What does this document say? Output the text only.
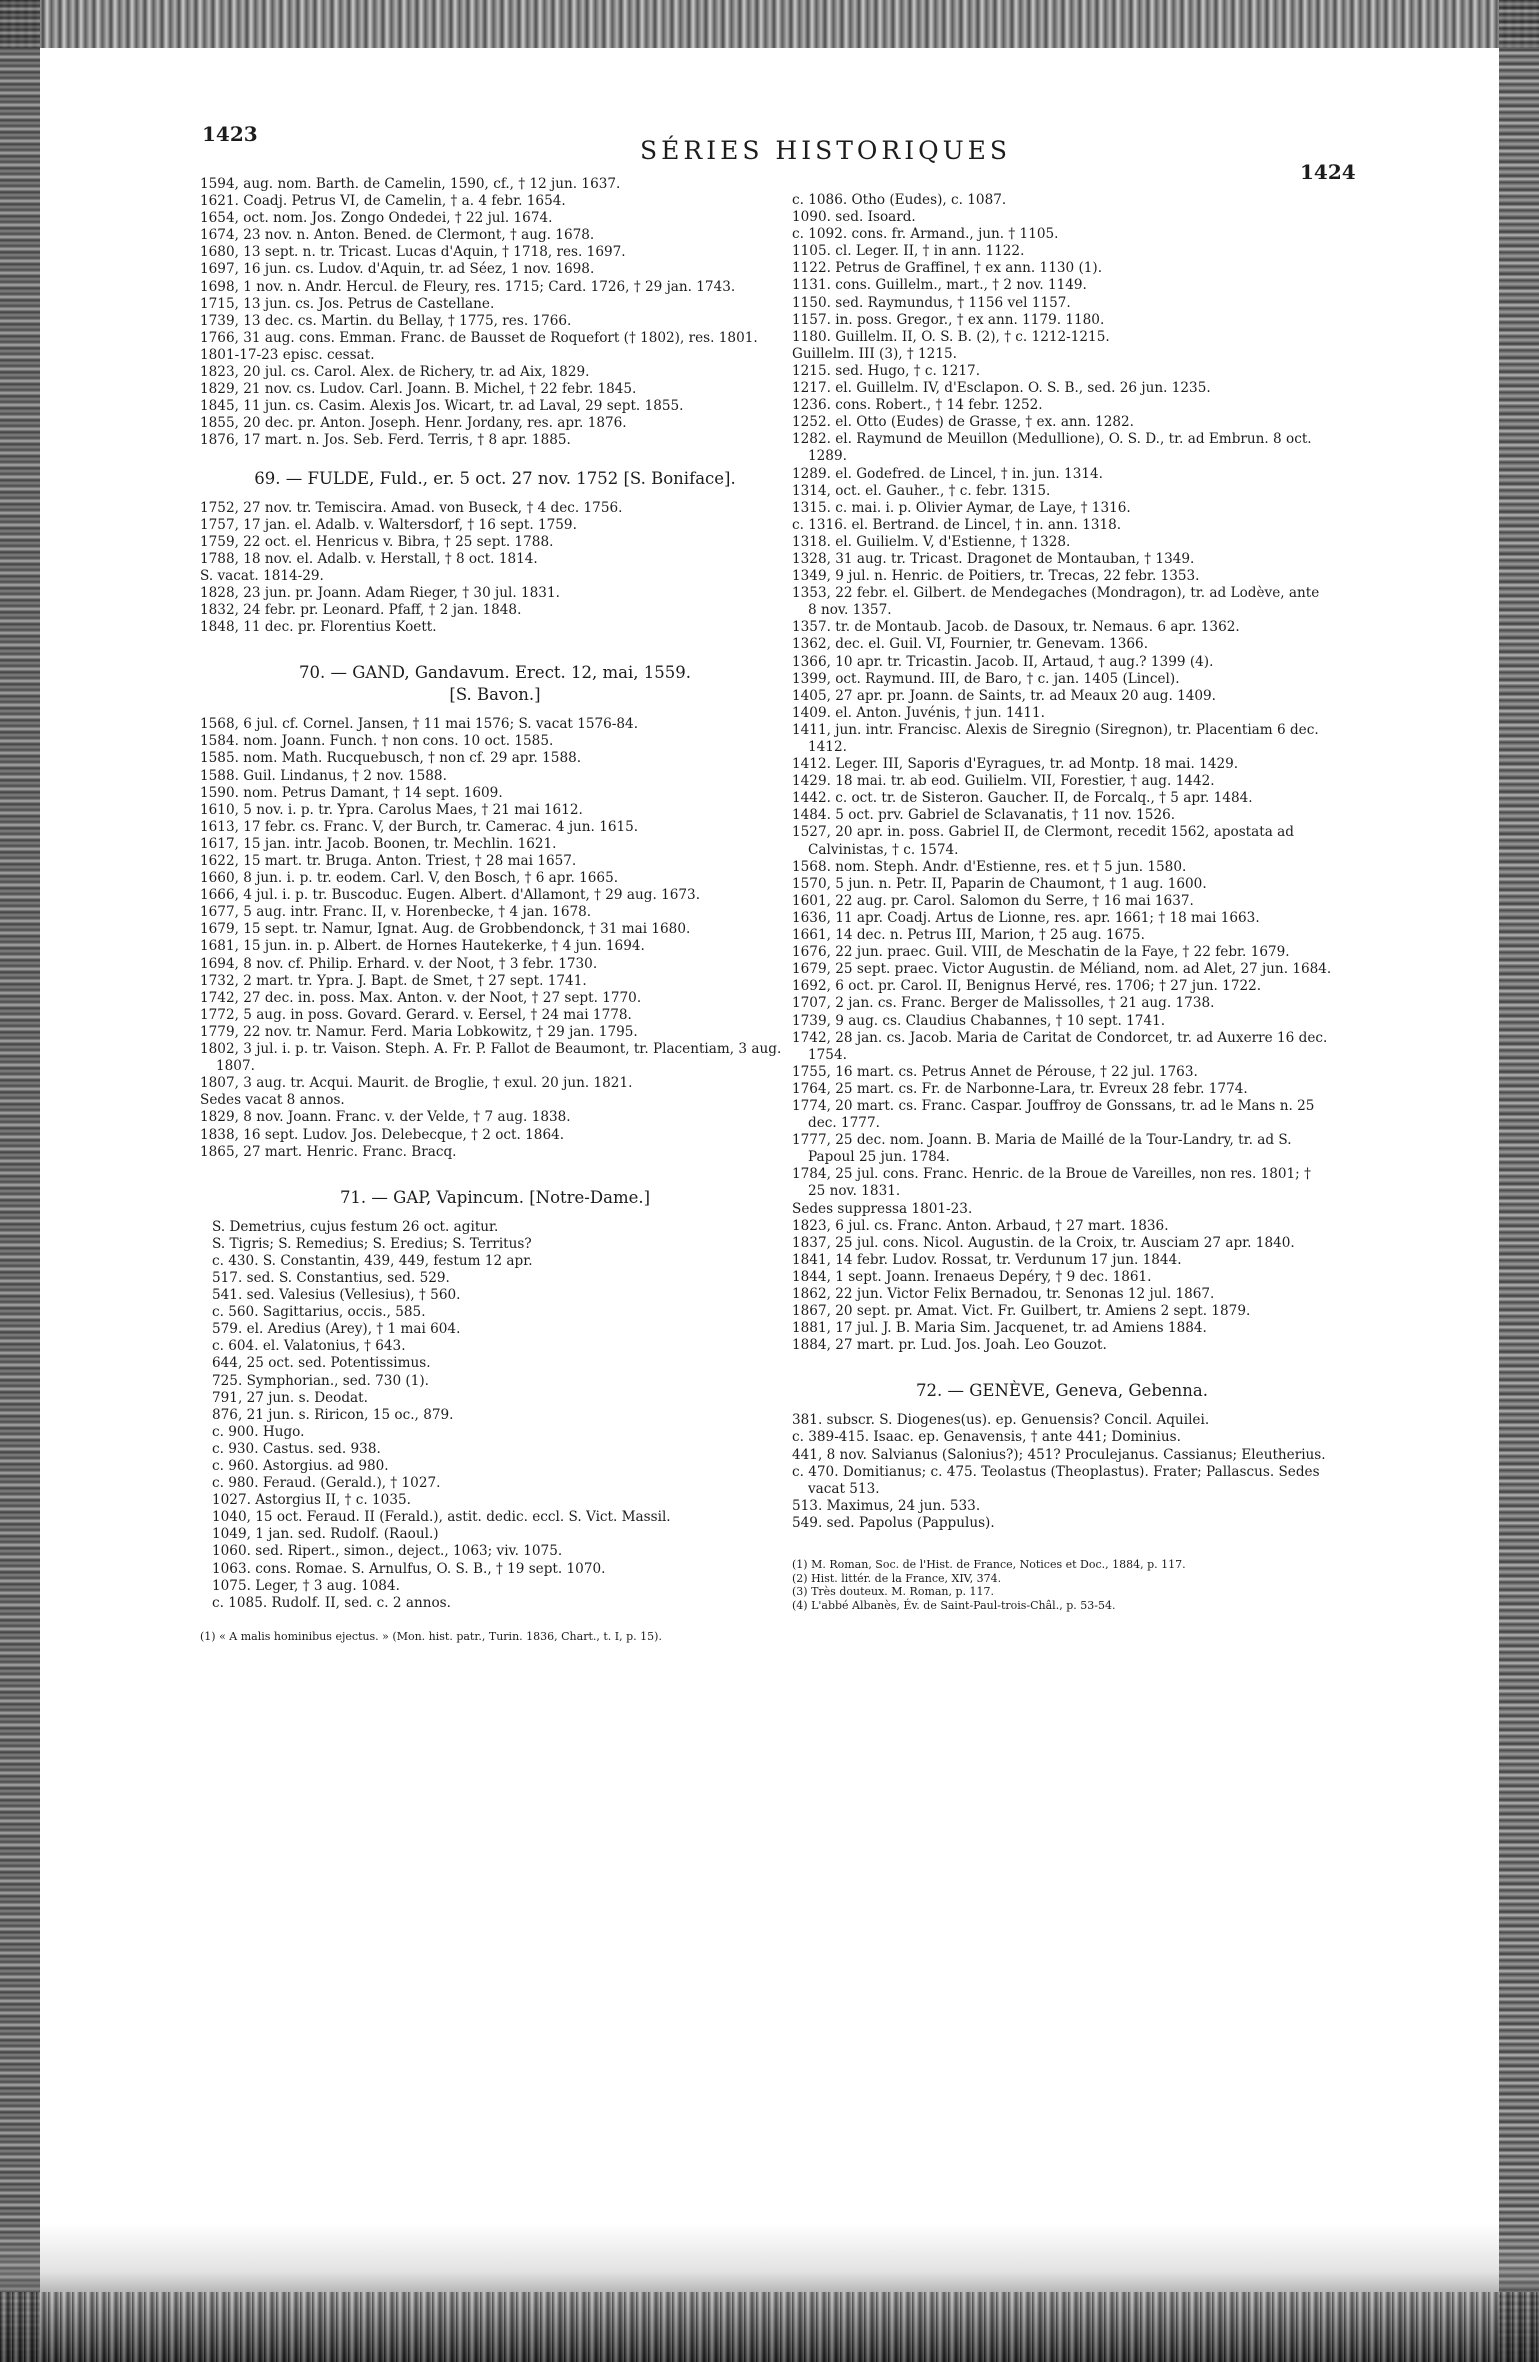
1423
SÉRIES HISTORIQUES
1424

1594, aug. nom. Barth. de Camelin, 1590, cf., † 12 jun. 1637.

1621. Coadj. Petrus VI, de Camelin, † a. 4 febr. 1654.

1654, oct. nom. Jos. Zongo Ondedei, † 22 jul. 1674.

1674, 23 nov. n. Anton. Bened. de Clermont, † aug. 1678.

1680, 13 sept. n. tr. Tricast. Lucas d'Aquin, † 1718, res. 1697.

1697, 16 jun. cs. Ludov. d'Aquin, tr. ad Séez, 1 nov. 1698.

1698, 1 nov. n. Andr. Hercul. de Fleury, res. 1715; Card. 1726, † 29 jan. 1743.

1715, 13 jun. cs. Jos. Petrus de Castellane.

1739, 13 dec. cs. Martin. du Bellay, † 1775, res. 1766.

1766, 31 aug. cons. Emman. Franc. de Bausset de Roquefort († 1802), res. 1801.

1801-17-23 episc. cessat.

1823, 20 jul. cs. Carol. Alex. de Richery, tr. ad Aix, 1829.

1829, 21 nov. cs. Ludov. Carl. Joann. B. Michel, † 22 febr. 1845.

1845, 11 jun. cs. Casim. Alexis Jos. Wicart, tr. ad Laval, 29 sept. 1855.

1855, 20 dec. pr. Anton. Joseph. Henr. Jordany, res. apr. 1876.

1876, 17 mart. n. Jos. Seb. Ferd. Terris, † 8 apr. 1885.

69. — FULDE, Fuld., er. 5 oct. 27 nov. 1752 [S. Boniface].

1752, 27 nov. tr. Temiscira. Amad. von Buseck, † 4 dec. 1756.

1757, 17 jan. el. Adalb. v. Waltersdorf, † 16 sept. 1759.

1759, 22 oct. el. Henricus v. Bibra, † 25 sept. 1788.

1788, 18 nov. el. Adalb. v. Herstall, † 8 oct. 1814.

S. vacat. 1814-29.

1828, 23 jun. pr. Joann. Adam Rieger, † 30 jul. 1831.

1832, 24 febr. pr. Leonard. Pfaff, † 2 jan. 1848.

1848, 11 dec. pr. Florentius Koett.

70. — GAND, Gandavum. Erect. 12, mai, 1559.
[S. Bavon.]

1568, 6 jul. cf. Cornel. Jansen, † 11 mai 1576; S. vacat 1576-84.

1584. nom. Joann. Funch. † non cons. 10 oct. 1585.

1585. nom. Math. Rucquebusch, † non cf. 29 apr. 1588.

1588. Guil. Lindanus, † 2 nov. 1588.

1590. nom. Petrus Damant, † 14 sept. 1609.

1610, 5 nov. i. p. tr. Ypra. Carolus Maes, † 21 mai 1612.

1613, 17 febr. cs. Franc. V, der Burch, tr. Camerac. 4 jun. 1615.

1617, 15 jan. intr. Jacob. Boonen, tr. Mechlin. 1621.

1622, 15 mart. tr. Bruga. Anton. Triest, † 28 mai 1657.

1660, 8 jun. i. p. tr. eodem. Carl. V, den Bosch, † 6 apr. 1665.

1666, 4 jul. i. p. tr. Buscoduc. Eugen. Albert. d'Allamont, † 29 aug. 1673.

1677, 5 aug. intr. Franc. II, v. Horenbecke, † 4 jan. 1678.

1679, 15 sept. tr. Namur, Ignat. Aug. de Grobbendonck, † 31 mai 1680.

1681, 15 jun. in. p. Albert. de Hornes Hautekerke, † 4 jun. 1694.

1694, 8 nov. cf. Philip. Erhard. v. der Noot, † 3 febr. 1730.

1732, 2 mart. tr. Ypra. J. Bapt. de Smet, † 27 sept. 1741.

1742, 27 dec. in. poss. Max. Anton. v. der Noot, † 27 sept. 1770.

1772, 5 aug. in poss. Govard. Gerard. v. Eersel, † 24 mai 1778.

1779, 22 nov. tr. Namur. Ferd. Maria Lobkowitz, † 29 jan. 1795.

1802, 3 jul. i. p. tr. Vaison. Steph. A. Fr. P. Fallot de Beaumont, tr. Placentiam, 3 aug. 1807.

1807, 3 aug. tr. Acqui. Maurit. de Broglie, † exul. 20 jun. 1821.

Sedes vacat 8 annos.

1829, 8 nov. Joann. Franc. v. der Velde, † 7 aug. 1838.

1838, 16 sept. Ludov. Jos. Delebecque, † 2 oct. 1864.

1865, 27 mart. Henric. Franc. Bracq.

71. — GAP, Vapincum. [Notre-Dame.]

S. Demetrius, cujus festum 26 oct. agitur.

S. Tigris; S. Remedius; S. Eredius; S. Territus?

c. 430. S. Constantin, 439, 449, festum 12 apr.

517. sed. S. Constantius, sed. 529.

541. sed. Valesius (Vellesius), † 560.

c. 560. Sagittarius, occis., 585.

579. el. Aredius (Arey), † 1 mai 604.

c. 604. el. Valatonius, † 643.

644, 25 oct. sed. Potentissimus.

725. Symphorian., sed. 730 (1).

791, 27 jun. s. Deodat.

876, 21 jun. s. Riricon, 15 oc., 879.

c. 900. Hugo.

c. 930. Castus. sed. 938.

c. 960. Astorgius. ad 980.

c. 980. Feraud. (Gerald.), † 1027.

1027. Astorgius II, † c. 1035.

1040, 15 oct. Feraud. II (Ferald.), astit. dedic. eccl. S. Vict. Massil.

1049, 1 jan. sed. Rudolf. (Raoul.)

1060. sed. Ripert., simon., deject., 1063; viv. 1075.

1063. cons. Romae. S. Arnulfus, O. S. B., † 19 sept. 1070.

1075. Leger, † 3 aug. 1084.

c. 1085. Rudolf. II, sed. c. 2 annos.

(1) « A malis hominibus ejectus. » (Mon. hist. patr., Turin. 1836, Chart., t. I, p. 15).

c. 1086. Otho (Eudes), c. 1087.

1090. sed. Isoard.

c. 1092. cons. fr. Armand., jun. † 1105.

1105. cl. Leger. II, † in ann. 1122.

1122. Petrus de Graffinel, † ex ann. 1130 (1).

1131. cons. Guillelm., mart., † 2 nov. 1149.

1150. sed. Raymundus, † 1156 vel 1157.

1157. in. poss. Gregor., † ex ann. 1179. 1180.

1180. Guillelm. II, O. S. B. (2), † c. 1212-1215.

Guillelm. III (3), † 1215.

1215. sed. Hugo, † c. 1217.

1217. el. Guillelm. IV, d'Esclapon. O. S. B., sed. 26 jun. 1235.

1236. cons. Robert., † 14 febr. 1252.

1252. el. Otto (Eudes) de Grasse, † ex. ann. 1282.

1282. el. Raymund de Meuillon (Medullione), O. S. D., tr. ad Embrun. 8 oct. 1289.

1289. el. Godefred. de Lincel, † in. jun. 1314.

1314, oct. el. Gauher., † c. febr. 1315.

1315. c. mai. i. p. Olivier Aymar, de Laye, † 1316.

c. 1316. el. Bertrand. de Lincel, † in. ann. 1318.

1318. el. Guilielm. V, d'Estienne, † 1328.

1328, 31 aug. tr. Tricast. Dragonet de Montauban, † 1349.

1349, 9 jul. n. Henric. de Poitiers, tr. Trecas, 22 febr. 1353.

1353, 22 febr. el. Gilbert. de Mendegaches (Mondragon), tr. ad Lodève, ante 8 nov. 1357.

1357. tr. de Montaub. Jacob. de Dasoux, tr. Nemaus. 6 apr. 1362.

1362, dec. el. Guil. VI, Fournier, tr. Genevam. 1366.

1366, 10 apr. tr. Tricastin. Jacob. II, Artaud, † aug.? 1399 (4).

1399, oct. Raymund. III, de Baro, † c. jan. 1405 (Lincel).

1405, 27 apr. pr. Joann. de Saints, tr. ad Meaux 20 aug. 1409.

1409. el. Anton. Juvénis, † jun. 1411.

1411, jun. intr. Francisc. Alexis de Siregnio (Siregnon), tr. Placentiam 6 dec. 1412.

1412. Leger. III, Saporis d'Eyragues, tr. ad Montp. 18 mai. 1429.

1429. 18 mai. tr. ab eod. Guilielm. VII, Forestier, † aug. 1442.

1442. c. oct. tr. de Sisteron. Gaucher. II, de Forcalq., † 5 apr. 1484.

1484. 5 oct. prv. Gabriel de Sclavanatis, † 11 nov. 1526.

1527, 20 apr. in. poss. Gabriel II, de Clermont, recedit 1562, apostata ad Calvinistas, † c. 1574.

1568. nom. Steph. Andr. d'Estienne, res. et † 5 jun. 1580.

1570, 5 jun. n. Petr. II, Paparin de Chaumont, † 1 aug. 1600.

1601, 22 aug. pr. Carol. Salomon du Serre, † 16 mai 1637.

1636, 11 apr. Coadj. Artus de Lionne, res. apr. 1661; † 18 mai 1663.

1661, 14 dec. n. Petrus III, Marion, † 25 aug. 1675.

1676, 22 jun. praec. Guil. VIII, de Meschatin de la Faye, † 22 febr. 1679.

1679, 25 sept. praec. Victor Augustin. de Méliand, nom. ad Alet, 27 jun. 1684.

1692, 6 oct. pr. Carol. II, Benignus Hervé, res. 1706; † 27 jun. 1722.

1707, 2 jan. cs. Franc. Berger de Malissolles, † 21 aug. 1738.

1739, 9 aug. cs. Claudius Chabannes, † 10 sept. 1741.

1742, 28 jan. cs. Jacob. Maria de Caritat de Condorcet, tr. ad Auxerre 16 dec. 1754.

1755, 16 mart. cs. Petrus Annet de Pérouse, † 22 jul. 1763.

1764, 25 mart. cs. Fr. de Narbonne-Lara, tr. Evreux 28 febr. 1774.

1774, 20 mart. cs. Franc. Caspar. Jouffroy de Gonssans, tr. ad le Mans n. 25 dec. 1777.

1777, 25 dec. nom. Joann. B. Maria de Maillé de la Tour-Landry, tr. ad S. Papoul 25 jun. 1784.

1784, 25 jul. cons. Franc. Henric. de la Broue de Vareilles, non res. 1801; † 25 nov. 1831.

Sedes suppressa 1801-23.

1823, 6 jul. cs. Franc. Anton. Arbaud, † 27 mart. 1836.

1837, 25 jul. cons. Nicol. Augustin. de la Croix, tr. Ausciam 27 apr. 1840.

1841, 14 febr. Ludov. Rossat, tr. Verdunum 17 jun. 1844.

1844, 1 sept. Joann. Irenaeus Depéry, † 9 dec. 1861.

1862, 22 jun. Victor Felix Bernadou, tr. Senonas 12 jul. 1867.

1867, 20 sept. pr. Amat. Vict. Fr. Guilbert, tr. Amiens 2 sept. 1879.

1881, 17 jul. J. B. Maria Sim. Jacquenet, tr. ad Amiens 1884.

1884, 27 mart. pr. Lud. Jos. Joah. Leo Gouzot.

72. — GENÈVE, Geneva, Gebenna.

381. subscr. S. Diogenes(us). ep. Genuensis? Concil. Aquilei.

c. 389-415. Isaac. ep. Genavensis, † ante 441; Dominius.

441, 8 nov. Salvianus (Salonius?); 451? Proculejanus. Cassianus; Eleutherius.

c. 470. Domitianus; c. 475. Teolastus (Theoplastus). Frater; Pallascus. Sedes vacat 513.

513. Maximus, 24 jun. 533.

549. sed. Papolus (Pappulus).

(1) M. Roman, Soc. de l'Hist. de France, Notices et Doc., 1884, p. 117.

(2) Hist. littér. de la France, XIV, 374.

(3) Très douteux. M. Roman, p. 117.

(4) L'abbé Albanès, Év. de Saint-Paul-trois-Châl., p. 53-54.
